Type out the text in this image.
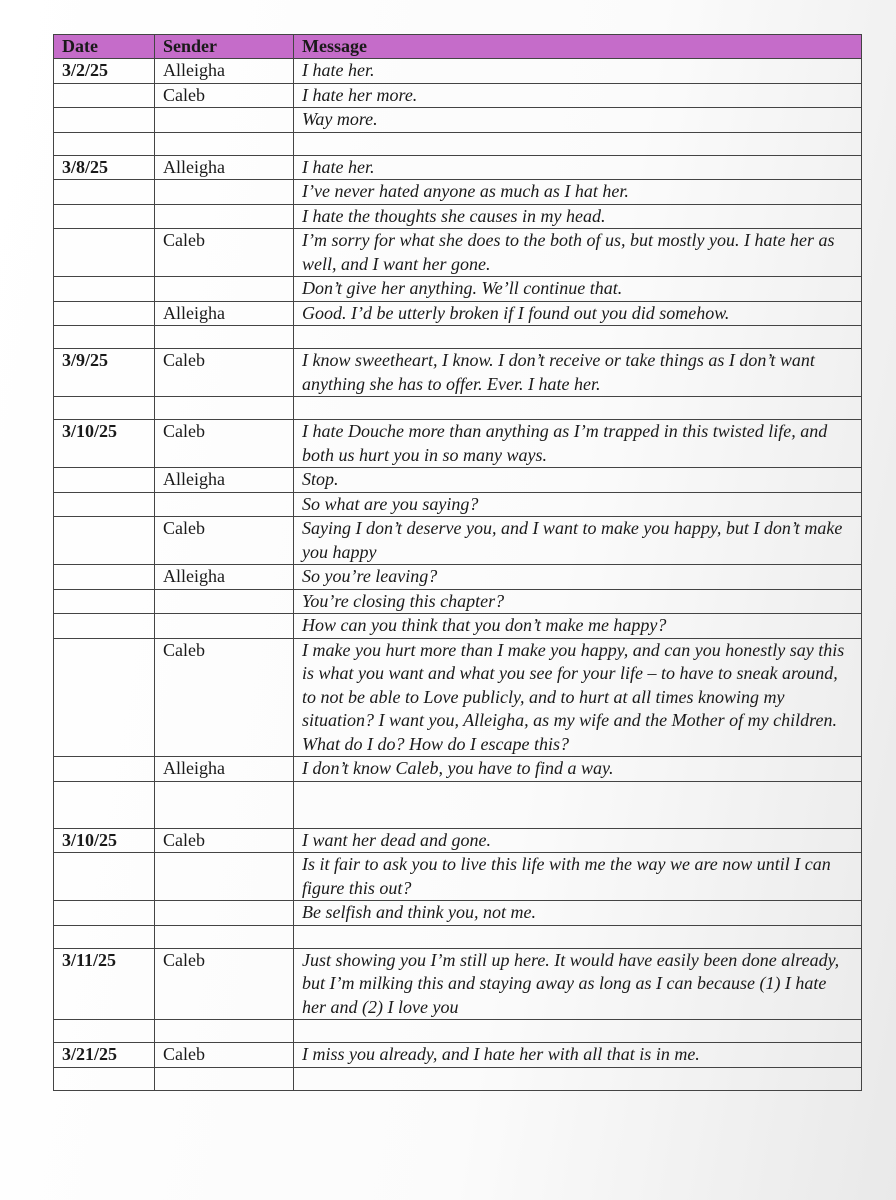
Date	Sender	Message
3/2/25	Alleigha	I hate her.
	Caleb	I hate her more.
		Way more.

3/8/25	Alleigha	I hate her.
		I’ve never hated anyone as much as I hat her.
		I hate the thoughts she causes in my head.
	Caleb	I’m sorry for what she does to the both of us, but mostly you. I hate her as well, and I want her gone.
		Don’t give her anything. We’ll continue that.
	Alleigha	Good. I’d be utterly broken if I found out you did somehow.

3/9/25	Caleb	I know sweetheart, I know. I don’t receive or take things as I don’t want anything she has to offer. Ever. I hate her.

3/10/25	Caleb	I hate Douche more than anything as I’m trapped in this twisted life, and both us hurt you in so many ways.
	Alleigha	Stop.
		So what are you saying?
	Caleb	Saying I don’t deserve you, and I want to make you happy, but I don’t make you happy
	Alleigha	So you’re leaving?
		You’re closing this chapter?
		How can you think that you don’t make me happy?
	Caleb	I make you hurt more than I make you happy, and can you honestly say this is what you want and what you see for your life – to have to sneak around, to not be able to Love publicly, and to hurt at all times knowing my situation? I want you, Alleigha, as my wife and the Mother of my children. What do I do? How do I escape this?
	Alleigha	I don’t know Caleb, you have to find a way.

3/10/25	Caleb	I want her dead and gone.
		Is it fair to ask you to live this life with me the way we are now until I can figure this out?
		Be selfish and think you, not me.

3/11/25	Caleb	Just showing you I’m still up here. It would have easily been done already, but I’m milking this and staying away as long as I can because (1) I hate her and (2) I love you

3/21/25	Caleb	I miss you already, and I hate her with all that is in me.
